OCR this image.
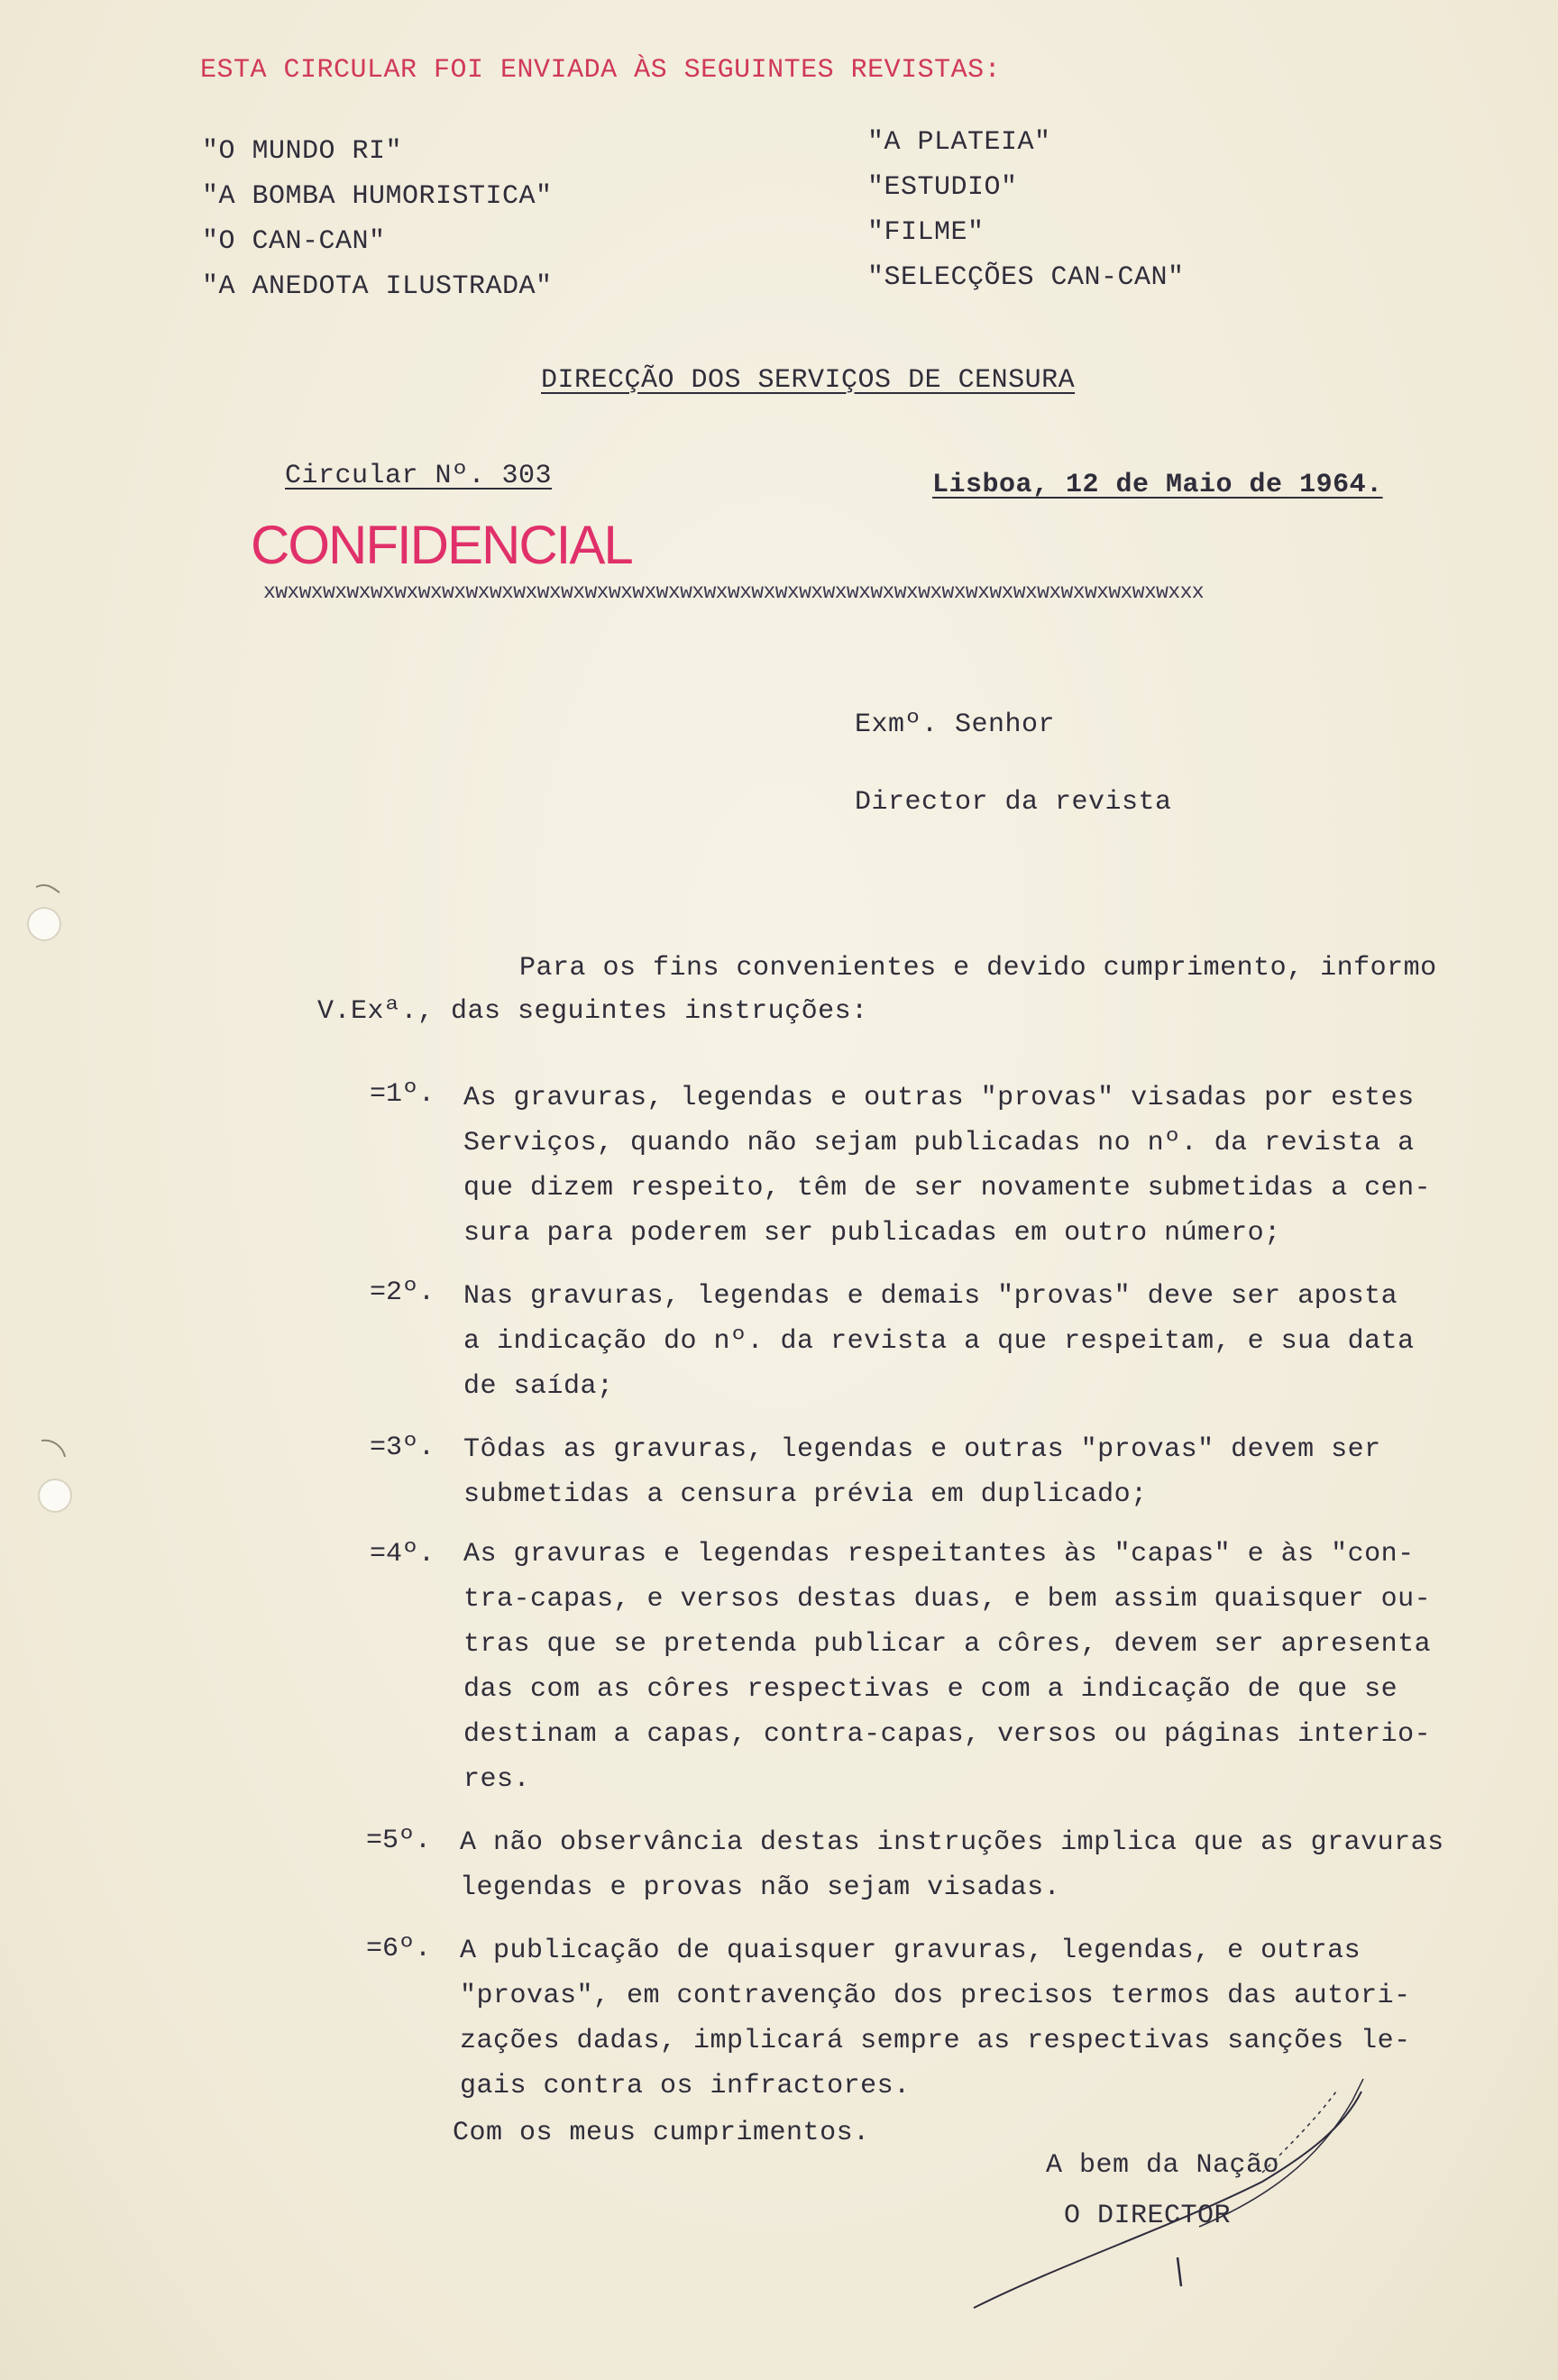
ESTA CIRCULAR FOI ENVIADA ÀS SEGUINTES REVISTAS:
"O MUNDO RI"
"A BOMBA HUMORISTICA"
"O CAN-CAN"
"A ANEDOTA ILUSTRADA"
"A PLATEIA"
"ESTUDIO"
"FILME"
"SELECÇÕES CAN-CAN"
DIRECÇÃO DOS SERVIÇOS DE CENSURA
Circular Nº. 303	Lisboa, 12 de Maio de 1964.
CONFIDENCIAL
xwxwxwxwxwxwxwxwxwxwxwxwxwxwxwxwxwxwxwxwxwxwxwxwxwxwxwxwxwxwxwxwxwxwxwxwxwxwxxx
Exmº. Senhor
Director da revista
Para os fins convenientes e devido cumprimento, informo
V.Exª., das seguintes instruções:
=1º. As gravuras, legendas e outras "provas" visadas por estes
Serviços, quando não sejam publicadas no nº. da revista a
que dizem respeito, têm de ser novamente submetidas a cen-
sura para poderem ser publicadas em outro número;
=2º. Nas gravuras, legendas e demais "provas" deve ser aposta
a indicação do nº. da revista a que respeitam, e sua data
de saída;
=3º. Tôdas as gravuras, legendas e outras "provas" devem ser
submetidas a censura prévia em duplicado;
=4º. As gravuras e legendas respeitantes às "capas" e às "con-
tra-capas, e versos destas duas, e bem assim quaisquer ou-
tras que se pretenda publicar a côres, devem ser apresenta
das com as côres respectivas e com a indicação de que se
destinam a capas, contra-capas, versos ou páginas interio-
res.
=5º. A não observância destas instruções implica que as gravuras
legendas e provas não sejam visadas.
=6º. A publicação de quaisquer gravuras, legendas, e outras
"provas", em contravenção dos precisos termos das autori-
zações dadas, implicará sempre as respectivas sanções le-
gais contra os infractores.
Com os meus cumprimentos.
A bem da Nação
O DIRECTOR
